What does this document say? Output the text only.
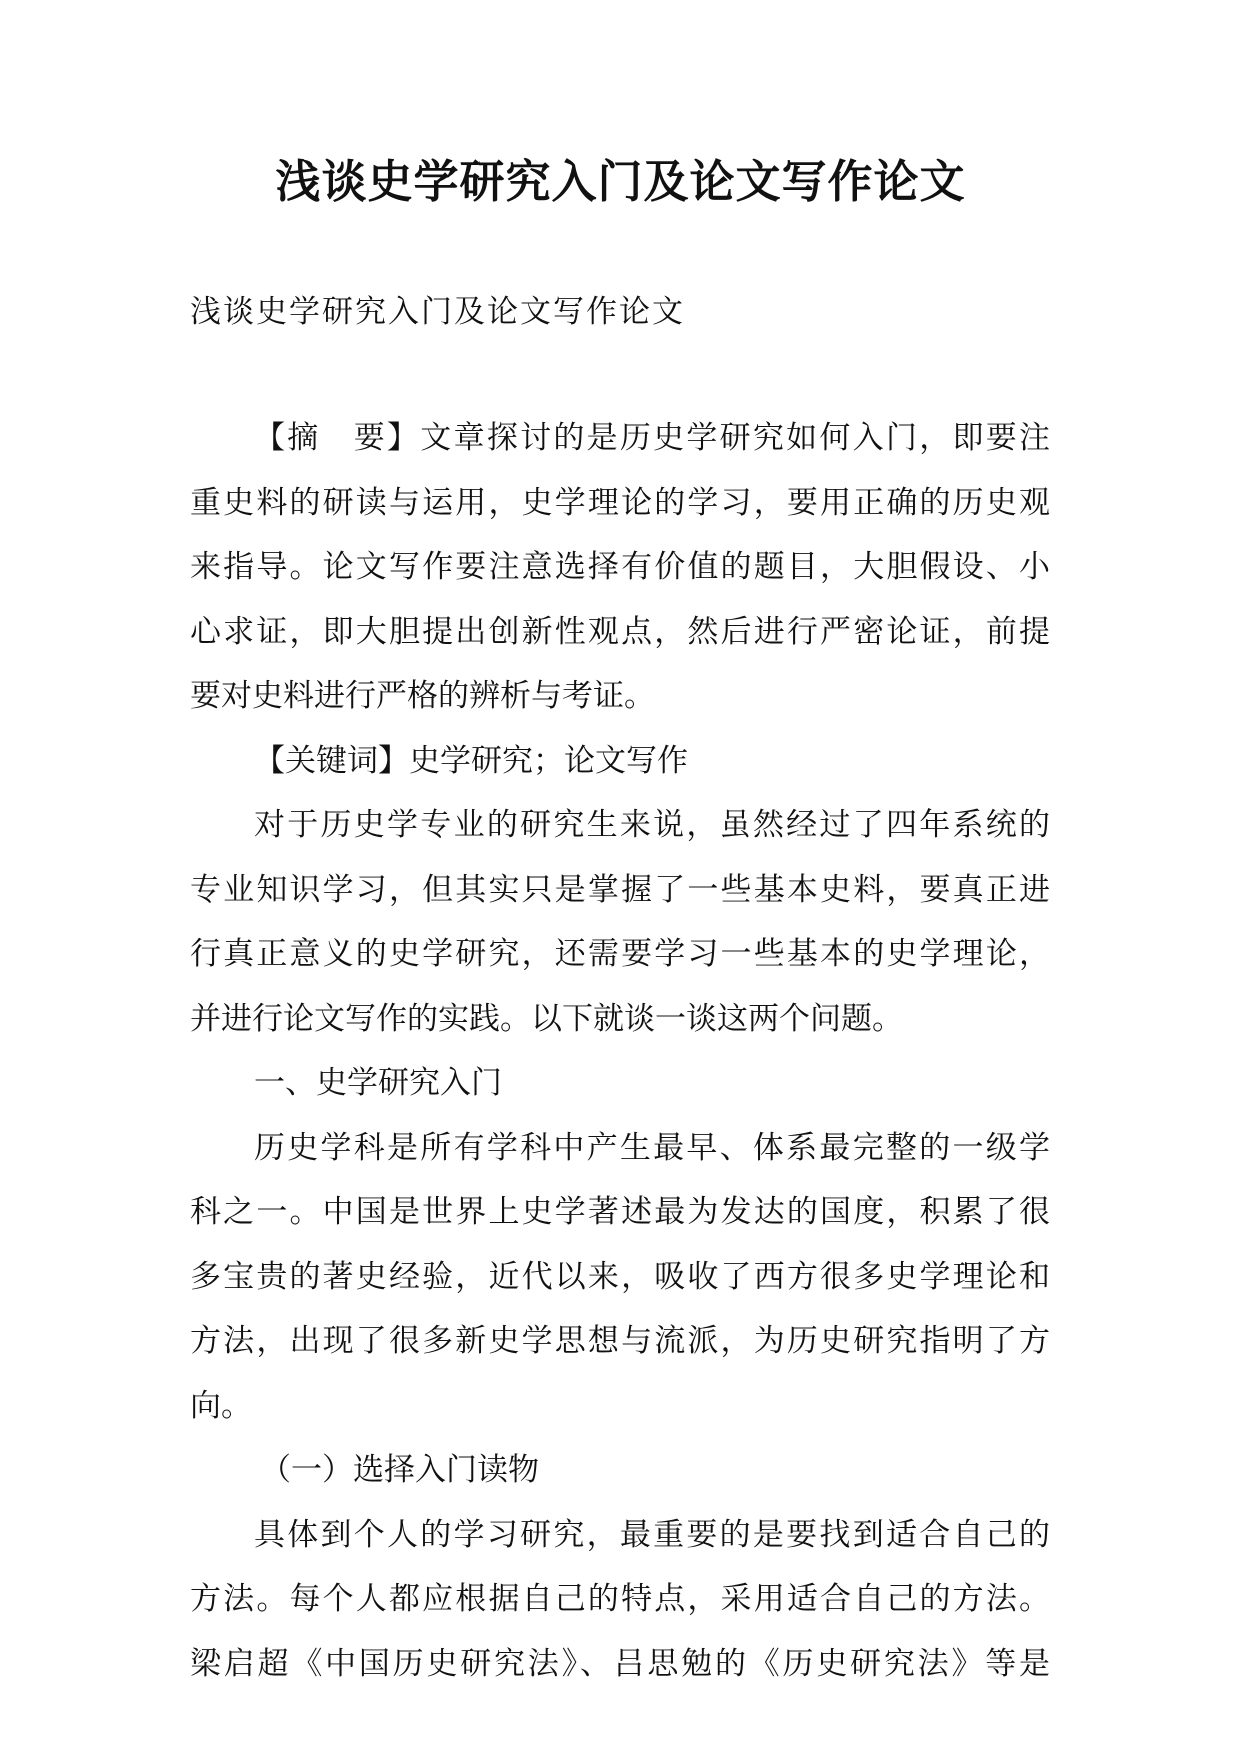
浅谈史学研究入门及论文写作论文
浅谈史学研究入门及论文写作论文
【摘　要】文章探讨的是历史学研究如何入门，即要注
重史料的研读与运用，史学理论的学习，要用正确的历史观
来指导。论文写作要注意选择有价值的题目，大胆假设、小
心求证，即大胆提出创新性观点，然后进行严密论证，前提
要对史料进行严格的辨析与考证。
【关键词】史学研究；论文写作
对于历史学专业的研究生来说，虽然经过了四年系统的
专业知识学习，但其实只是掌握了一些基本史料，要真正进
行真正意义的史学研究，还需要学习一些基本的史学理论，
并进行论文写作的实践。以下就谈一谈这两个问题。
一、史学研究入门
历史学科是所有学科中产生最早、体系最完整的一级学
科之一。中国是世界上史学著述最为发达的国度，积累了很
多宝贵的著史经验，近代以来，吸收了西方很多史学理论和
方法，出现了很多新史学思想与流派，为历史研究指明了方
向。
（一）选择入门读物
具体到个人的学习研究，最重要的是要找到适合自己的
方法。每个人都应根据自己的特点，采用适合自己的方法。
梁启超《中国历史研究法》、吕思勉的《历史研究法》等是
